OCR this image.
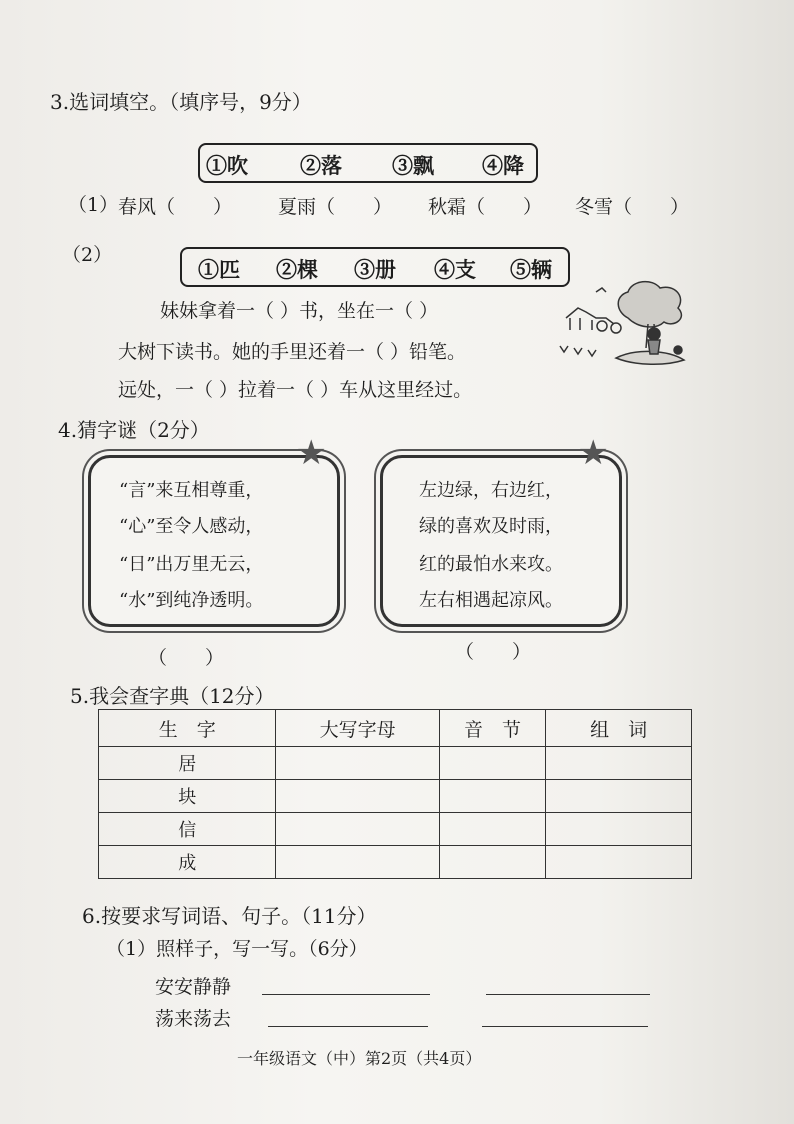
3.选词填空。（填序号，9分）
①吹 ②落 ③飘 ④降
（1） 春风（　　） 夏雨（　　） 秋霜（　　） 冬雪（　　）
（2）
①匹 ②棵 ③册 ④支 ⑤辆
妹妹拿着一（ ）书，坐在一（ ）
大树下读书。她的手里还着一（ ）铅笔。
远处，一（ ）拉着一（ ）车从这里经过。
4.猜字谜（2分）
“言”来互相尊重，
“心”至令人感动，
“日”出万里无云，
“水”到纯净透明。
★
左边绿，右边红，
绿的喜欢及时雨，
红的最怕水来攻。
左右相遇起凉风。
★
（　　）	（　　）
5.我会查字典（12分）
生　字	大写字母	音　节	组　词
居			
块			
信			
成			
6.按要求写词语、句子。（11分）
（1）照样子，写一写。（6分）
安安静静
荡来荡去
一年级语文（中）第2页（共4页）
